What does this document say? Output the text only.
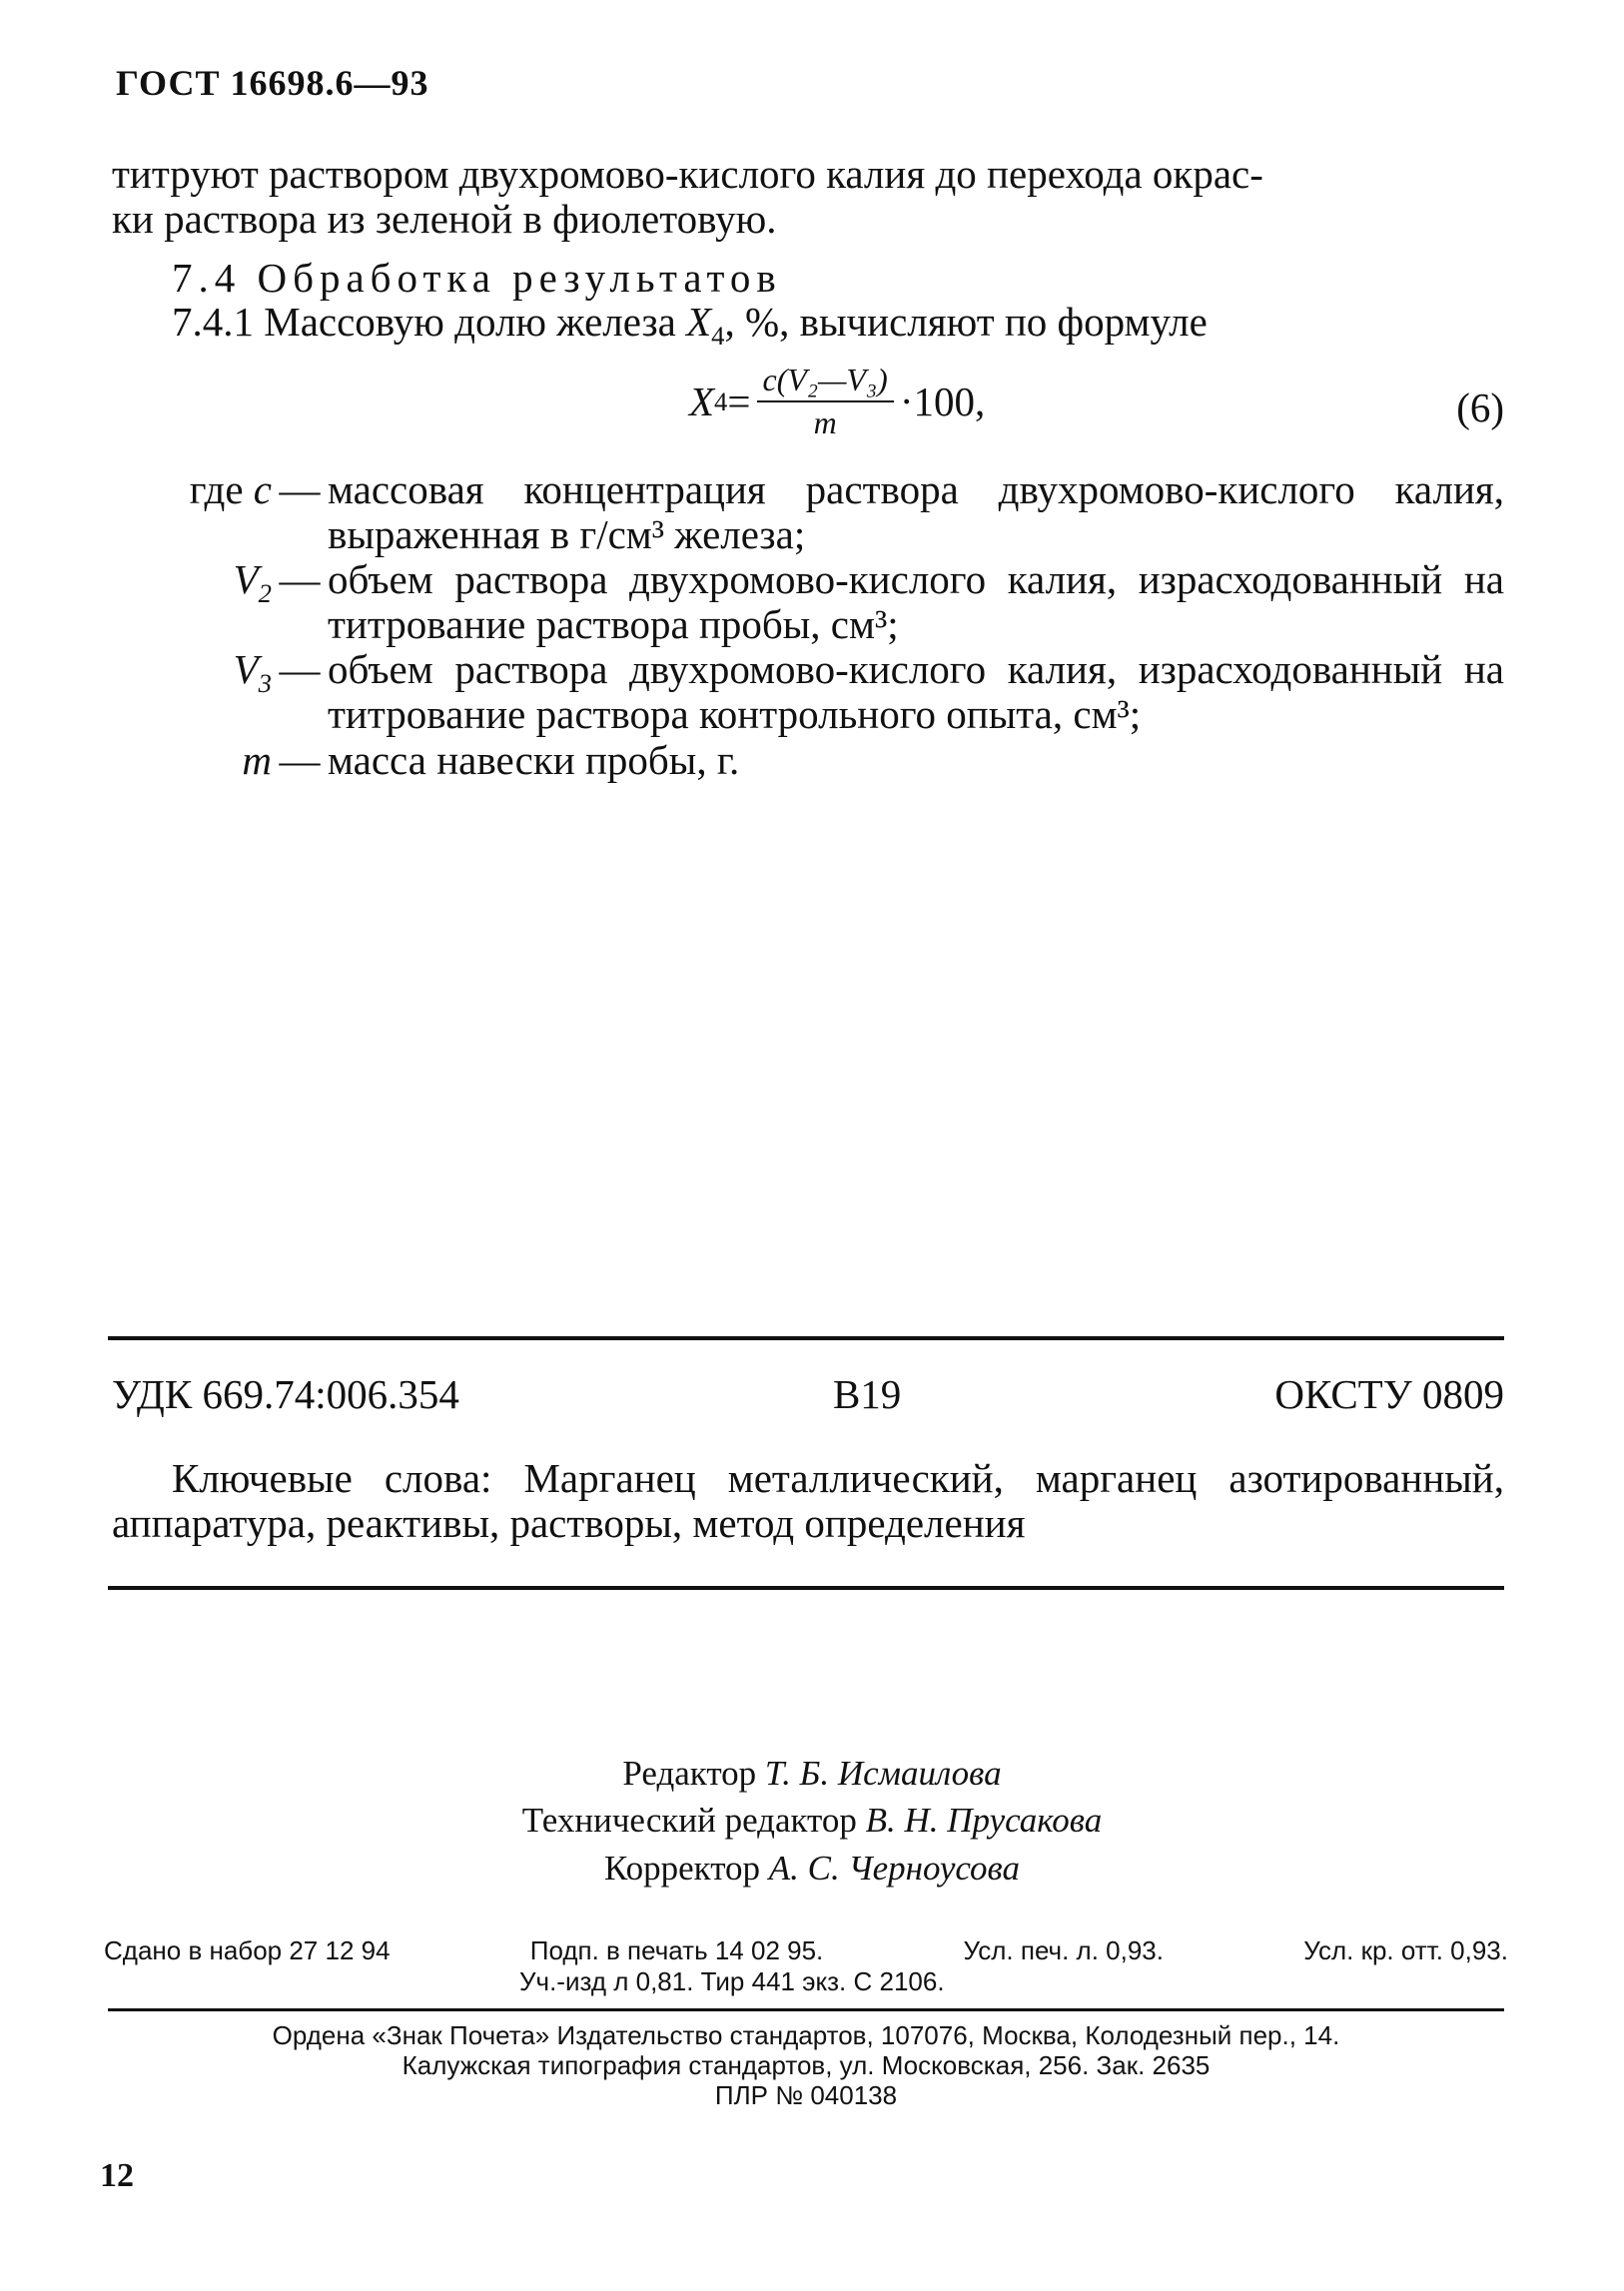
ГОСТ 16698.6—93
титруют раствором двухромово-кислого калия до перехода окрас-
ки раствора из зеленой в фиолетовую.
7.4 Обработка результатов
7.4.1 Массовую долю железа $X_4$, %, вычисляют по формуле
X $4 = \frac{\text{c(V₂—V₃)}}{m} \cdot 100$,	(6)
где c — массовая концентрация раствора двухромово-кислого калия, выраженная в г/см³ железа;
$V_2$ — объем раствора двухромово-кислого калия, израсходованный на титрование раствора пробы, см³;
$V_3$ — объем раствора двухромово-кислого калия, израсходованный на титрование раствора контрольного опыта, см³;
m — масса навески пробы, г.
УДК 669.74:006.354	В19	ОКСТУ 0809
Ключевые слова: Марганец металлический, марганец азотированный, аппаратура, реактивы, растворы, метод определения
Редактор Т. Б. Исмаилова
Технический редактор В. Н. Прусакова
Корректор А. С. Черноусова
Сдано в набор 27 12 94	Подп. в печать 14 02 95.	Усл. печ. л. 0,93.	Усл. кр. отт. 0,93.
Уч.-изд л 0,81. Тир 441 экз. С 2106.
Ордена «Знак Почета» Издательство стандартов, 107076, Москва, Колодезный пер., 14.
Калужская типография стандартов, ул. Московская, 256. Зак. 2635
ПЛР № 040138
12
